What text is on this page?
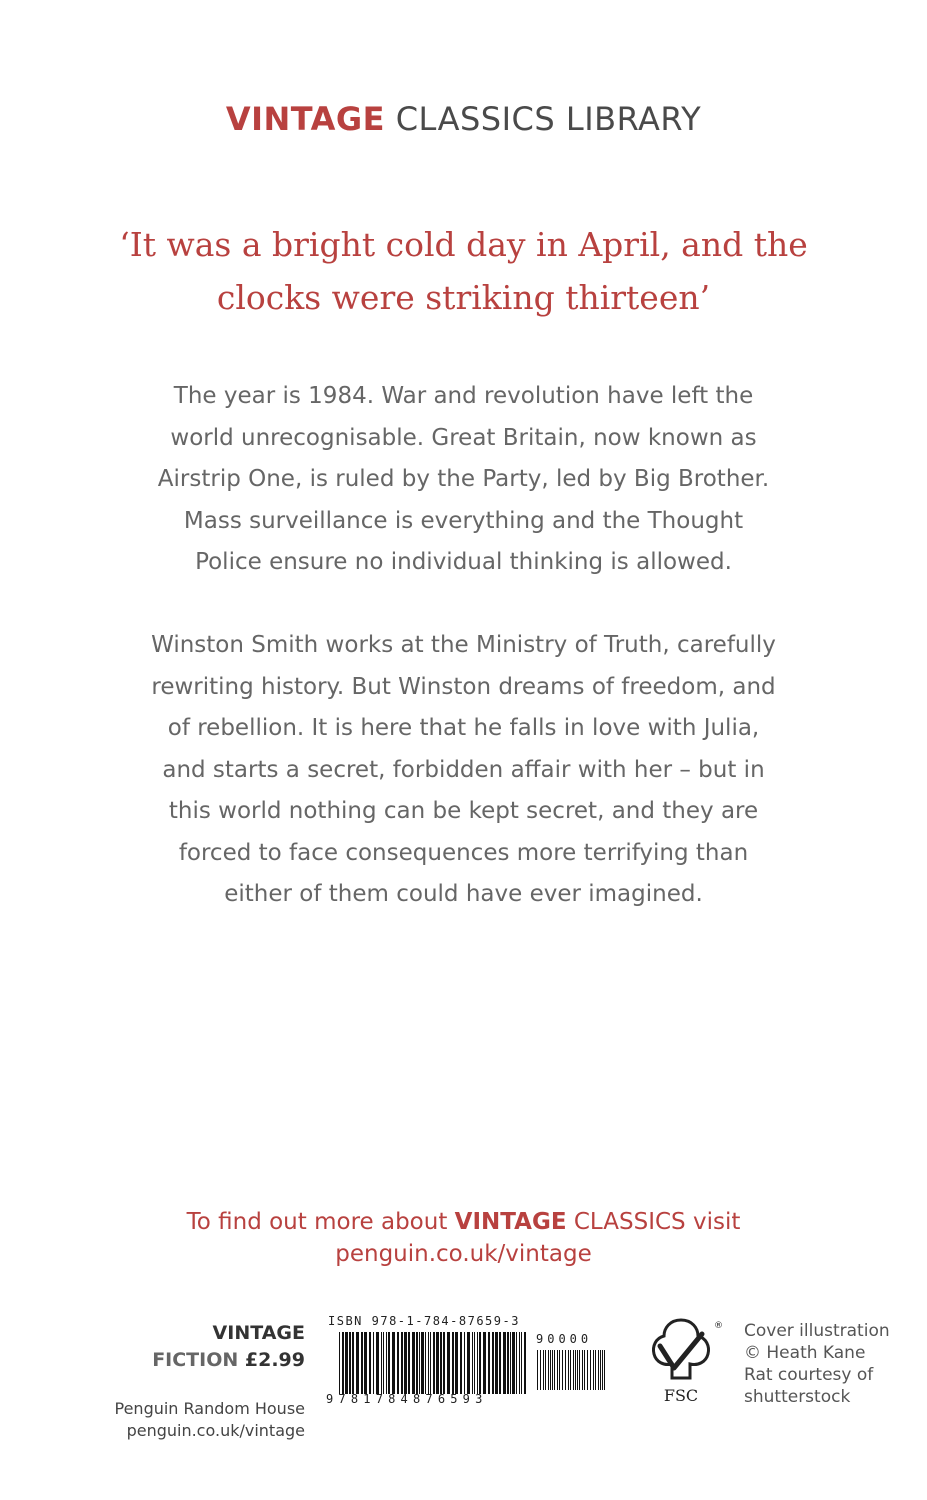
VINTAGE CLASSICS LIBRARY
‘It was a bright cold day in April, and the
clocks were striking thirteen’
The year is 1984. War and revolution have left the
world unrecognisable. Great Britain, now known as
Airstrip One, is ruled by the Party, led by Big Brother.
Mass surveillance is everything and the Thought
Police ensure no individual thinking is allowed.
Winston Smith works at the Ministry of Truth, carefully
rewriting history. But Winston dreams of freedom, and
of rebellion. It is here that he falls in love with Julia,
and starts a secret, forbidden affair with her – but in
this world nothing can be kept secret, and they are
forced to face consequences more terrifying than
either of them could have ever imagined.
To find out more about VINTAGE CLASSICS visit
penguin.co.uk/vintage
VINTAGE
FICTION £2.99
Penguin Random House
penguin.co.uk/vintage
ISBN 978-1-784-87659-3
90000
9781784876593
®
FSC
Cover illustration
© Heath Kane
Rat courtesy of
shutterstock
